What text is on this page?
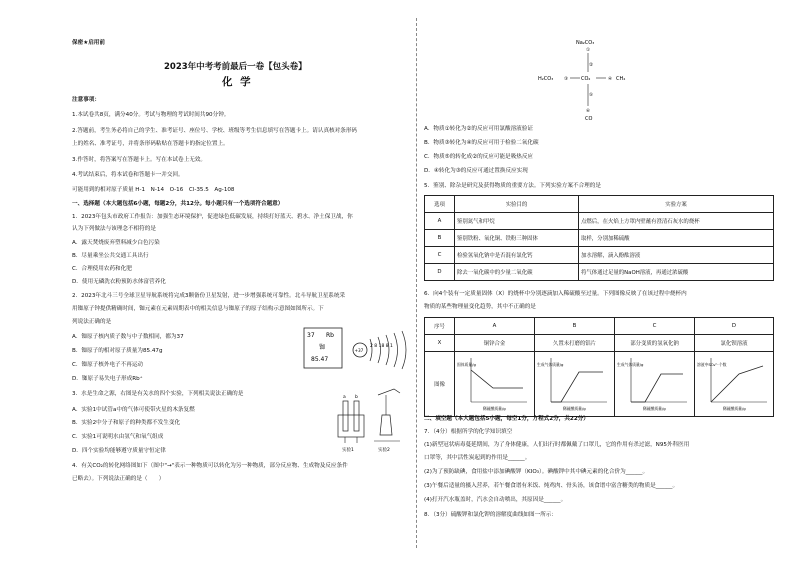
保密★启用前
2023年中考考前最后一卷【包头卷】
化 学
注意事项：
1.本试卷共8页，满分40分。考试与物理的考试时间共90分钟。
2.答题前，考生务必将自己的学生、准考证号、座位号、学校、班级等考生信息填写在答题卡上。请认真核对条形码
上的姓名、准考证号，并将条形码粘贴在答题卡的指定位置上。
3.作答时，将答案写在答题卡上。写在本试卷上无效。
4.考试结束后，将本试卷和答题卡一并交回。
可能用到的相对原子质量 H-1　N-14　O-16　Cl-35.5　Ag-108
一、选择题（本大题包括6小题，每题2分，共12分。每小题只有一个选项符合题意）
1．2023年包头市政府工作报告：加强生态环境保护，促进绿色低碳发展，持续打好蓝天、碧水、净土保卫战，你
认为下列做法与该理念不相符的是
A．露天焚烧废弃塑料减少白色污染
B．尽量乘坐公共交通工具出行
C．合理使用农药和化肥
D．使用无磷洗衣粉预防水体富营养化
2．2023年北斗三号全球卫星导航系统将完成3颗备份卫星发射，进一步增强系统可靠性。北斗导航卫星系统采
用铷原子钟提供精确时间，铷元素在元素周期表中的相关信息与铷原子的原子结构示意图如图所示。下
列说法正确的是
A．铷原子核内质子数与中子数相同，都为37
B．铷原子的相对原子质量为85.47g
C．铷原子核外电子不再运动
D．铷原子易失电子形成Rb⁺
37 Rb
铷
85.47
+37
2 8 18 8 1
3．水是生命之源，右图是有关水的四个实验，下列相关说法正确的是
A．实验1中试管a中的气体可使带火星的木条复燃
B．实验2中分子和原子的种类都不发生变化
C．实验1可说明水由氢气和氧气组成
D．四个实验均能够遵守质量守恒定律
a b
实验1	实验2
4．有关CO₂的转化网络图如下（图中"→"表示一种物质可以转化为另一种物质，部分反应物、生成物及反应条件
已略去）。下列说法正确的是（　　）
Na₂CO₃
①
②
H₂CO₃ ③	CO₂	④ CH₄
⑤
⑥
CO
A．物质①转化为②的反应可用氯酸溶液验证
B．物质③转化为④的反应可用于检验二氧化碳
C．物质⑤的转化成②的反应可能是吸热反应
D．④转化为③的反应可通过置换反应实现
5．鉴别、除杂是研究及获得物质的重要方法。下列实验方案不合理的是
选项	实验目的	实验方案
A	鉴别氮气和甲烷	点燃后，在火焰上方罩内壁蘸有澄清石灰水的烧杯
B	鉴别铁粉、氧化铜、铁粉三种固体	取样，分别加稀硫酸
C	检验氢氧化钠中是否混有氯化钙	加水溶解，滴入酚酞溶液
D	除去一氧化碳中的少量二氧化碳	将气体通过足量的NaOH溶液，再通过浓硫酸
6．向4个装有一定质量固体（X）的烧杯中分别逐滴加入稀硫酸至过量。下列图像反映了在该过程中烧杯内
物质的某些物理量变化趋势，其中不正确的是
序号	A	B	C	D
X	铜锌合金	久置未打磨的铝片	部分变质的氢氧化钠	氯化钡溶液
图像	固体质量/g
稀硫酸质量/g	生成气体质量/g
稀硫酸质量/g	生成气体质量/g
稀硫酸质量/g	溶液中SO₄²⁻个数
稀硫酸质量/g
二、填空题（本大题包括5小题，每空1分，方程式2分，共22分）
7．（4分）根据所学的化学知识填空
(1)新型冠状病毒蔓延期间，为了身体健康，人们出行时都佩戴了口罩儿，它的作用有杀过滤，N95外科医用
口罩等，其中活性炭起到的作用是______。
(2)为了预防缺碘，食用盐中添加碘酸钾（KIO₃）。碘酸钾中其中碘元素的化合价为______。
(3)午餐后适量的摄入营养，若午餐食谱有米饭、炖鸡肉、骨头汤，该食谱中富含糖类的物质是______。
(4)打开汽水瓶盖时，汽水会自动喷出，其原因是______。
8．（3分）硫酸钾和氯化钾的溶解度曲线如图一所示：
